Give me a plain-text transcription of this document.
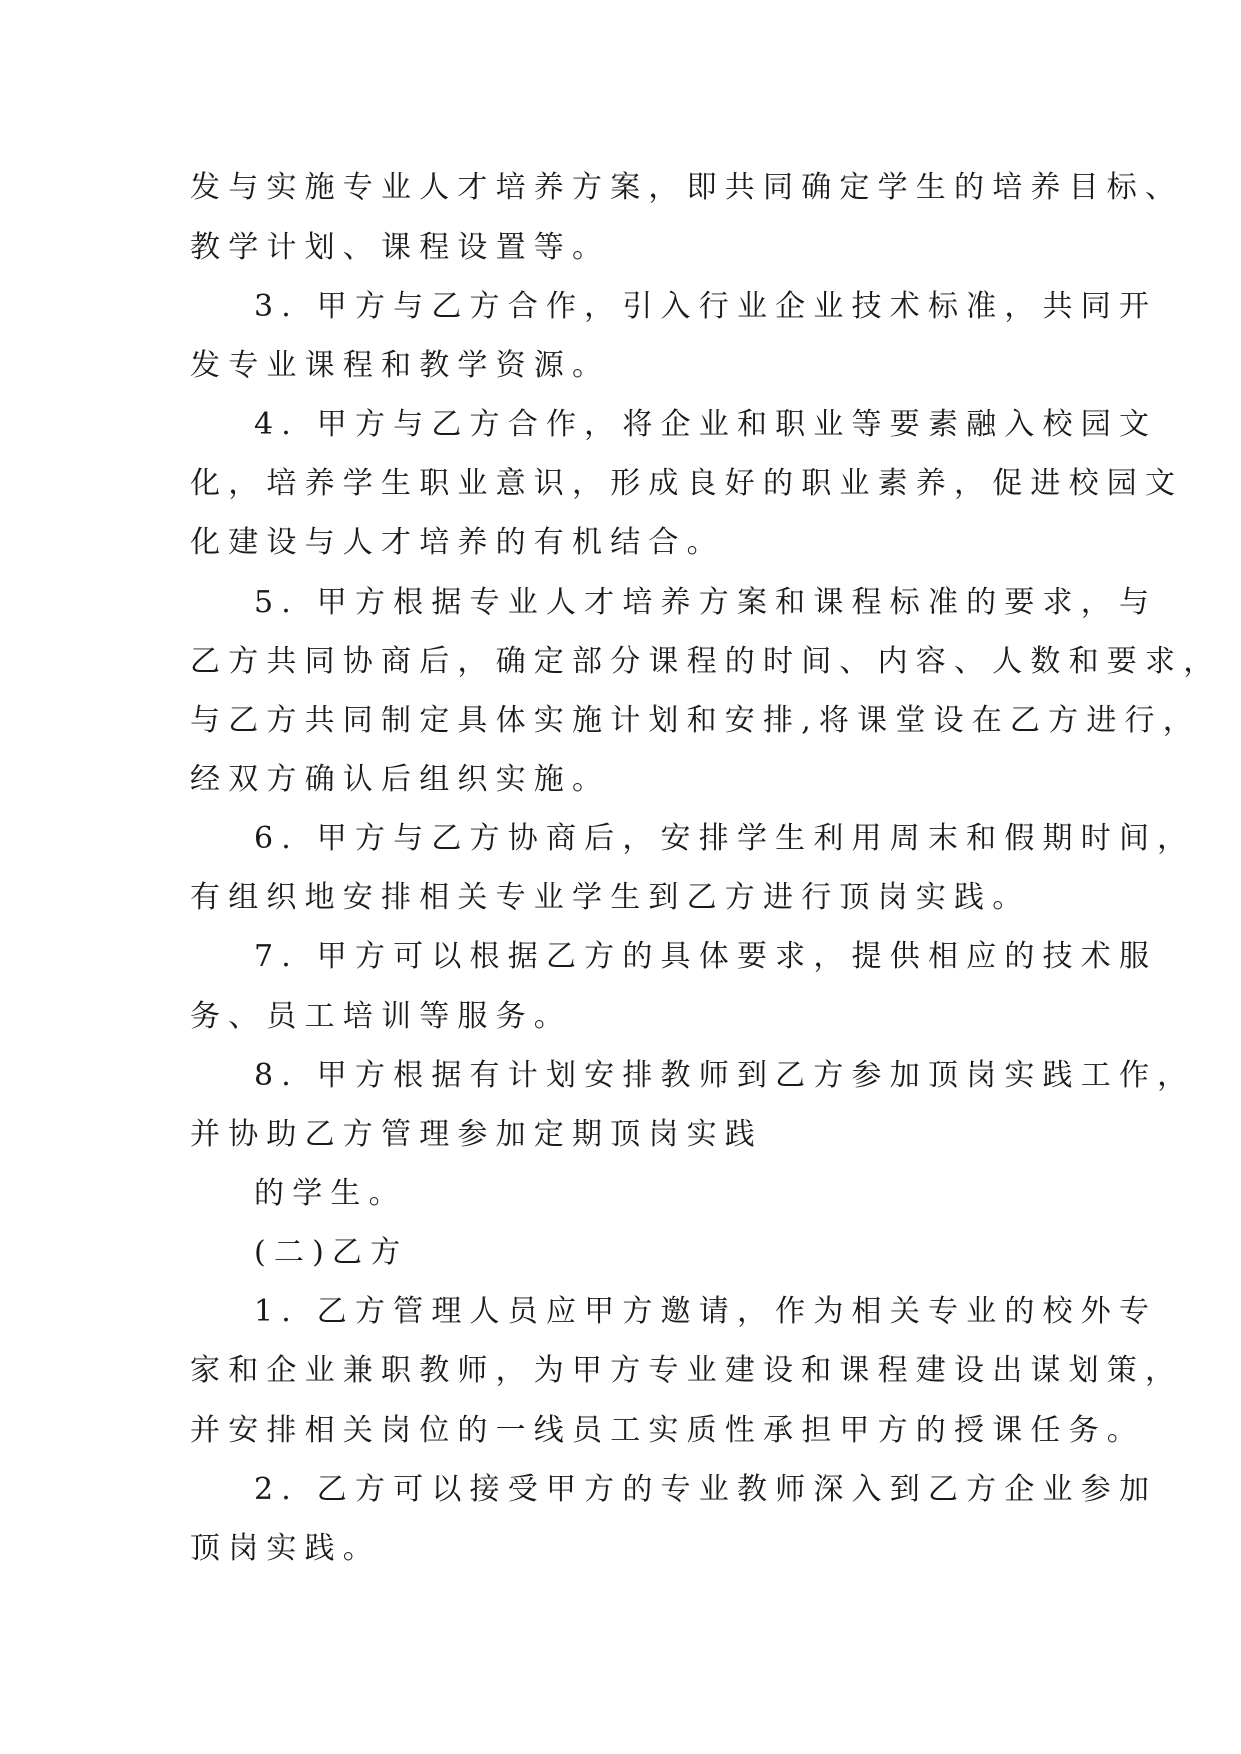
发与实施专业人才培养方案，即共同确定学生的培养目标、
教学计划、课程设置等。
3. 甲方与乙方合作，引入行业企业技术标准，共同开
发专业课程和教学资源。
4. 甲方与乙方合作，将企业和职业等要素融入校园文
化，培养学生职业意识，形成良好的职业素养，促进校园文
化建设与人才培养的有机结合。
5. 甲方根据专业人才培养方案和课程标准的要求，与
乙方共同协商后，确定部分课程的时间、内容、人数和要求，
与乙方共同制定具体实施计划和安排,将课堂设在乙方进行，
经双方确认后组织实施。
6. 甲方与乙方协商后，安排学生利用周末和假期时间，
有组织地安排相关专业学生到乙方进行顶岗实践。
7. 甲方可以根据乙方的具体要求，提供相应的技术服
务、员工培训等服务。
8. 甲方根据有计划安排教师到乙方参加顶岗实践工作，
并协助乙方管理参加定期顶岗实践
的学生。
(二)乙方
1. 乙方管理人员应甲方邀请，作为相关专业的校外专
家和企业兼职教师，为甲方专业建设和课程建设出谋划策，
并安排相关岗位的一线员工实质性承担甲方的授课任务。
2. 乙方可以接受甲方的专业教师深入到乙方企业参加
顶岗实践。
